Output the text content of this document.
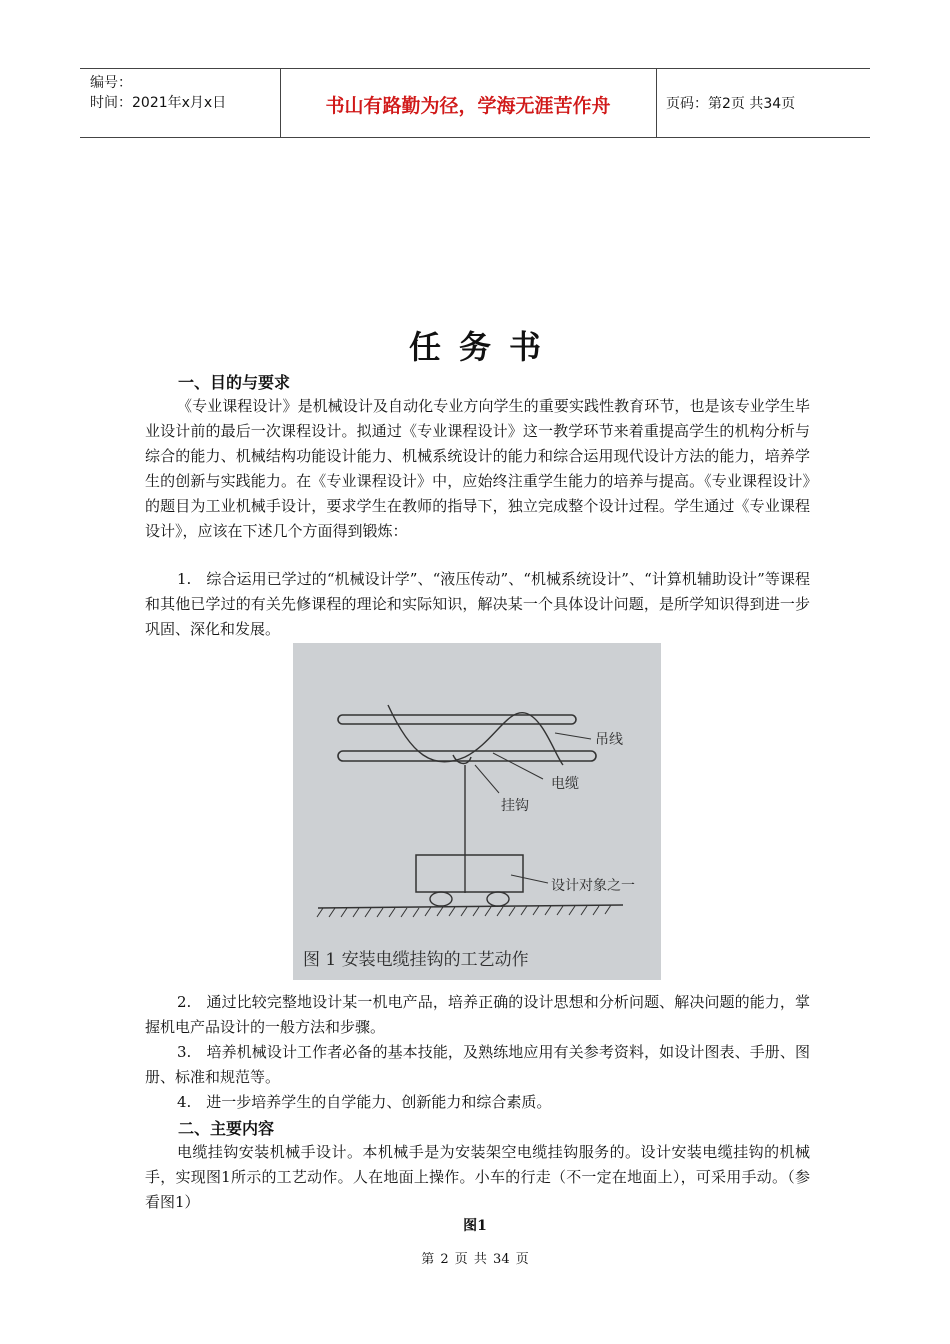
编号：
时间：2021年x月x日	书山有路勤为径，学海无涯苦作舟	页码：第2页 共34页
任务书
一、目的与要求

《专业课程设计》是机械设计及自动化专业方向学生的重要实践性教育环节，也是该专业学生毕业设计前的最后一次课程设计。拟通过《专业课程设计》这一教学环节来着重提高学生的机构分析与综合的能力、机械结构功能设计能力、机械系统设计的能力和综合运用现代设计方法的能力，培养学生的创新与实践能力。在《专业课程设计》中，应始终注重学生能力的培养与提高。《专业课程设计》的题目为工业机械手设计，要求学生在教师的指导下，独立完成整个设计过程。学生通过《专业课程设计》，应该在下述几个方面得到锻炼：

1.　综合运用已学过的“机械设计学”、“液压传动”、“机械系统设计”、“计算机辅助设计”等课程和其他已学过的有关先修课程的理论和实际知识，解决某一个具体设计问题，是所学知识得到进一步巩固、深化和发展。

吊线
电缆
挂钩
设计对象之一
图 1 安装电缆挂钩的工艺动作

2.　通过比较完整地设计某一机电产品，培养正确的设计思想和分析问题、解决问题的能力，掌握机电产品设计的一般方法和步骤。

3.　培养机械设计工作者必备的基本技能，及熟练地应用有关参考资料，如设计图表、手册、图册、标准和规范等。

4.　进一步培养学生的自学能力、创新能力和综合素质。

二、主要内容

电缆挂钩安装机械手设计。本机械手是为安装架空电缆挂钩服务的。设计安装电缆挂钩的机械手，实现图1所示的工艺动作。人在地面上操作。小车的行走（不一定在地面上），可采用手动。（参看图1）

图1
第 2 页 共 34 页
